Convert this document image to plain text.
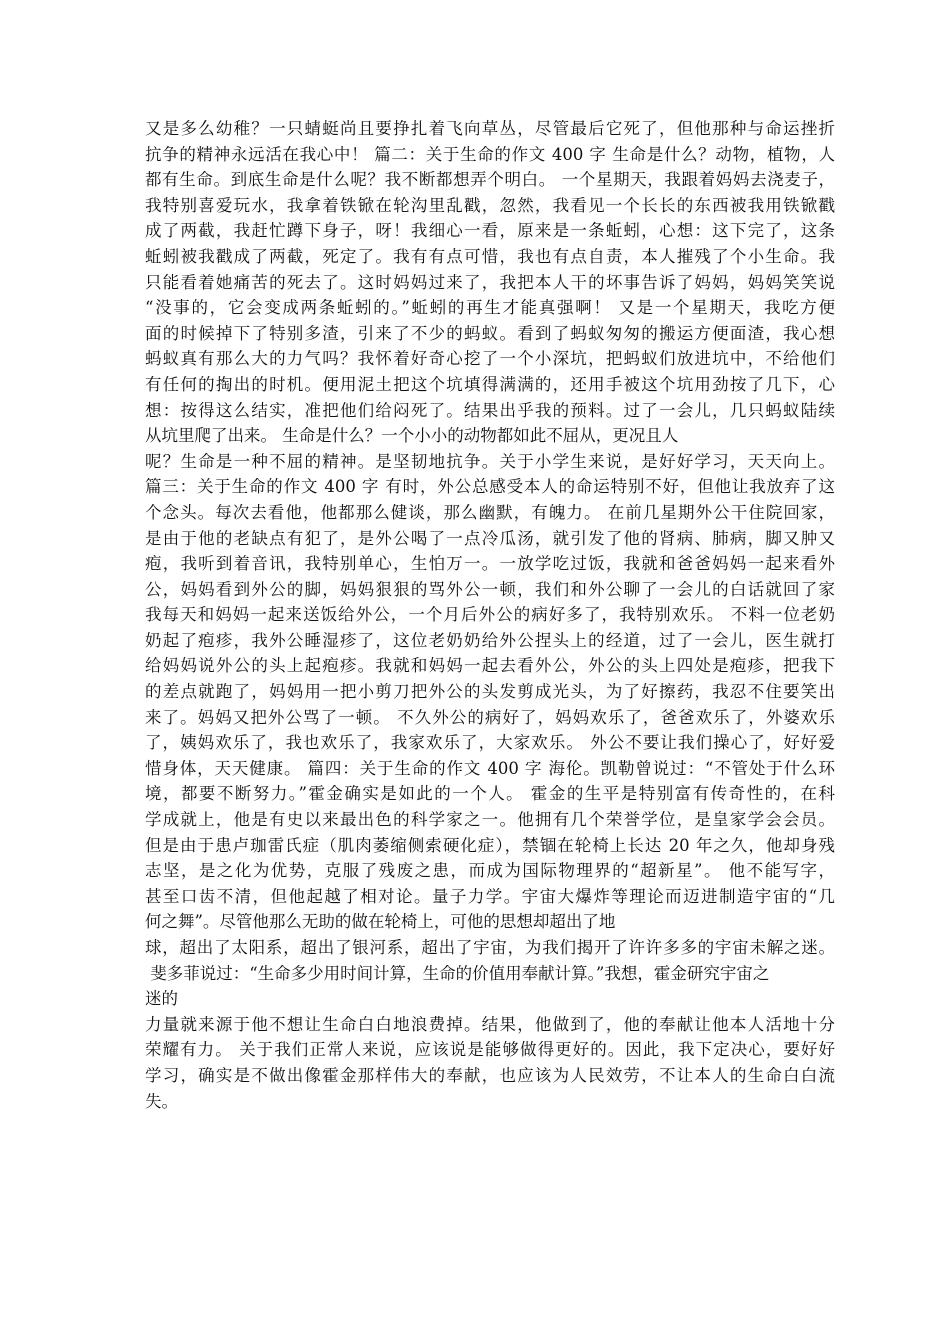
又是多么幼稚？一只蜻蜓尚且要挣扎着飞向草丛，尽管最后它死了，但他那种与命运挫折
抗争的精神永远活在我心中！ 篇二：关于生命的作文 400 字 生命是什么？动物，植物，人
都有生命。到底生命是什么呢？我不断都想弄个明白。 一个星期天，我跟着妈妈去浇麦子，
我特别喜爱玩水，我拿着铁锨在轮沟里乱戳，忽然，我看见一个长长的东西被我用铁锨戳
成了两截，我赶忙蹲下身子，呀！我细心一看，原来是一条蚯蚓，心想：这下完了，这条
蚯蚓被我戳成了两截，死定了。我有有点可惜，我也有点自责，本人摧残了个小生命。我
只能看着她痛苦的死去了。这时妈妈过来了，我把本人干的坏事告诉了妈妈，妈妈笑笑说
“没事的，它会变成两条蚯蚓的。”蚯蚓的再生才能真强啊！ 又是一个星期天，我吃方便
面的时候掉下了特别多渣，引来了不少的蚂蚁。看到了蚂蚁匆匆的搬运方便面渣，我心想
蚂蚁真有那么大的力气吗？我怀着好奇心挖了一个小深坑，把蚂蚁们放进坑中，不给他们
有任何的掏出的时机。便用泥土把这个坑填得满满的，还用手被这个坑用劲按了几下，心
想：按得这么结实，准把他们给闷死了。结果出乎我的预料。过了一会儿，几只蚂蚁陆续
从坑里爬了出来。 生命是什么？一个小小的动物都如此不屈从，更况且人
呢？生命是一种不屈的精神。是坚韧地抗争。关于小学生来说，是好好学习，天天向上。
篇三：关于生命的作文 400 字 有时，外公总感受本人的命运特别不好，但他让我放弃了这
个念头。每次去看他，他都那么健谈，那么幽默，有魄力。 在前几星期外公干住院回家，
是由于他的老缺点有犯了，是外公喝了一点冷瓜汤，就引发了他的肾病、肺病，脚又肿又
疱，我听到着音讯，我特别单心，生怕万一。一放学吃过饭，我就和爸爸妈妈一起来看外
公，妈妈看到外公的脚，妈妈狠狠的骂外公一顿，我们和外公聊了一会儿的白话就回了家
我每天和妈妈一起来送饭给外公，一个月后外公的病好多了，我特别欢乐。 不料一位老奶
奶起了疱疹，我外公睡湿疹了，这位老奶奶给外公捏头上的经道，过了一会儿，医生就打
给妈妈说外公的头上起疱疹。我就和妈妈一起去看外公，外公的头上四处是疱疹，把我下
的差点就跑了，妈妈用一把小剪刀把外公的头发剪成光头，为了好擦药，我忍不住要笑出
来了。妈妈又把外公骂了一顿。 不久外公的病好了，妈妈欢乐了，爸爸欢乐了，外婆欢乐
了，姨妈欢乐了，我也欢乐了，我家欢乐了，大家欢乐。 外公不要让我们操心了，好好爱
惜身体，天天健康。 篇四：关于生命的作文 400 字 海伦。凯勒曾说过：“不管处于什么环
境，都要不断努力。”霍金确实是如此的一个人。 霍金的生平是特别富有传奇性的，在科
学成就上，他是有史以来最出色的科学家之一。他拥有几个荣誉学位，是皇家学会会员。
但是由于患卢珈雷氏症（肌肉萎缩侧索硬化症），禁锢在轮椅上长达 20 年之久，他却身残
志坚，是之化为优势，克服了残废之患，而成为国际物理界的“超新星”。 他不能写字，
甚至口齿不清，但他起越了相对论。量子力学。宇宙大爆炸等理论而迈进制造宇宙的“几
何之舞”。尽管他那么无助的做在轮椅上，可他的思想却超出了地
球，超出了太阳系，超出了银河系，超出了宇宙，为我们揭开了许许多多的宇宙未解之迷。
斐多菲说过：“生命多少用时间计算，生命的价值用奉献计算。”我想，霍金研究宇宙之
迷的
力量就来源于他不想让生命白白地浪费掉。结果，他做到了，他的奉献让他本人活地十分
荣耀有力。 关于我们正常人来说，应该说是能够做得更好的。因此，我下定决心，要好好
学习，确实是不做出像霍金那样伟大的奉献，也应该为人民效劳，不让本人的生命白白流
失。
